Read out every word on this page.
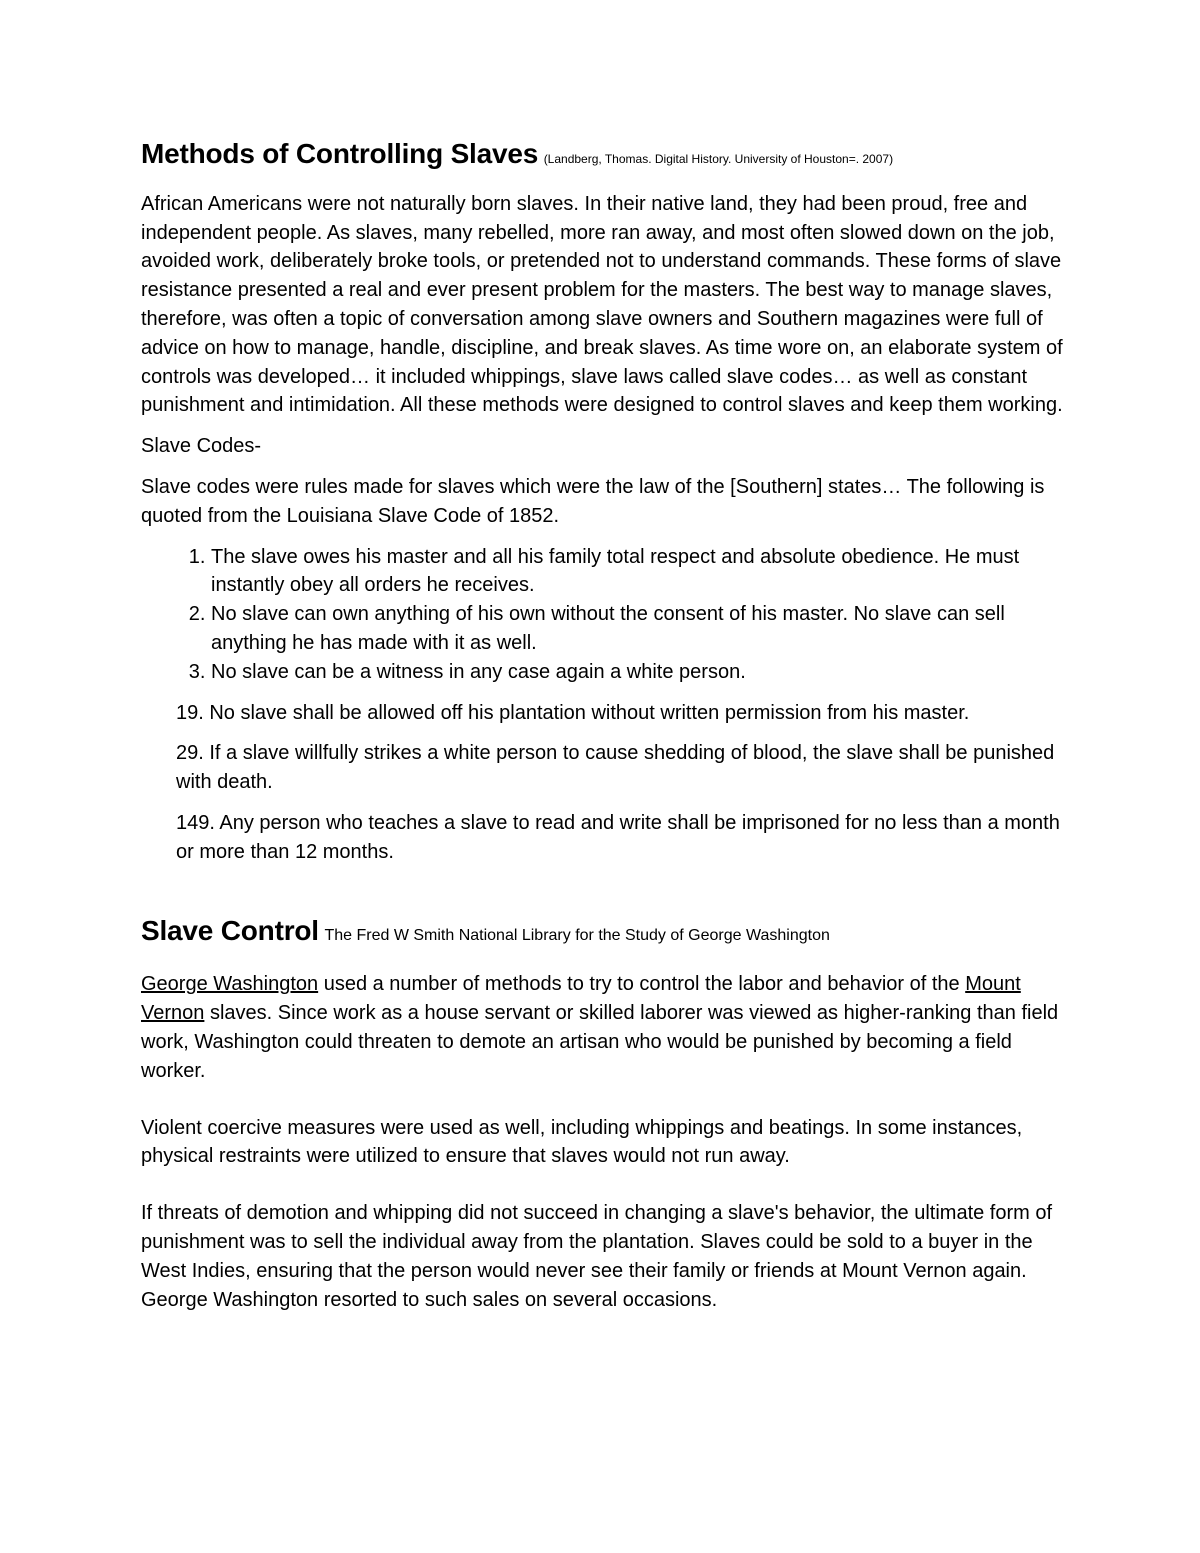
Methods of Controlling Slaves (Landberg, Thomas. Digital History. University of Houston=. 2007)

African Americans were not naturally born slaves. In their native land, they had been proud, free and independent people. As slaves, many rebelled, more ran away, and most often slowed down on the job, avoided work, deliberately broke tools, or pretended not to understand commands. These forms of slave resistance presented a real and ever present problem for the masters. The best way to manage slaves, therefore, was often a topic of conversation among slave owners and Southern magazines were full of advice on how to manage, handle, discipline, and break slaves. As time wore on, an elaborate system of controls was developed… it included whippings, slave laws called slave codes… as well as constant punishment and intimidation. All these methods were designed to control slaves and keep them working.

Slave Codes-

Slave codes were rules made for slaves which were the law of the [Southern] states… The following is quoted from the Louisiana Slave Code of 1852.

1. The slave owes his master and all his family total respect and absolute obedience. He must instantly obey all orders he receives.
2. No slave can own anything of his own without the consent of his master. No slave can sell anything he has made with it as well.
3. No slave can be a witness in any case again a white person.

19. No slave shall be allowed off his plantation without written permission from his master.

29. If a slave willfully strikes a white person to cause shedding of blood, the slave shall be punished with death.

149. Any person who teaches a slave to read and write shall be imprisoned for no less than a month or more than 12 months.

Slave Control The Fred W Smith National Library for the Study of George Washington

George Washington used a number of methods to try to control the labor and behavior of the Mount Vernon slaves. Since work as a house servant or skilled laborer was viewed as higher-ranking than field work, Washington could threaten to demote an artisan who would be punished by becoming a field worker.

Violent coercive measures were used as well, including whippings and beatings. In some instances, physical restraints were utilized to ensure that slaves would not run away.

If threats of demotion and whipping did not succeed in changing a slave's behavior, the ultimate form of punishment was to sell the individual away from the plantation. Slaves could be sold to a buyer in the West Indies, ensuring that the person would never see their family or friends at Mount Vernon again. George Washington resorted to such sales on several occasions.
